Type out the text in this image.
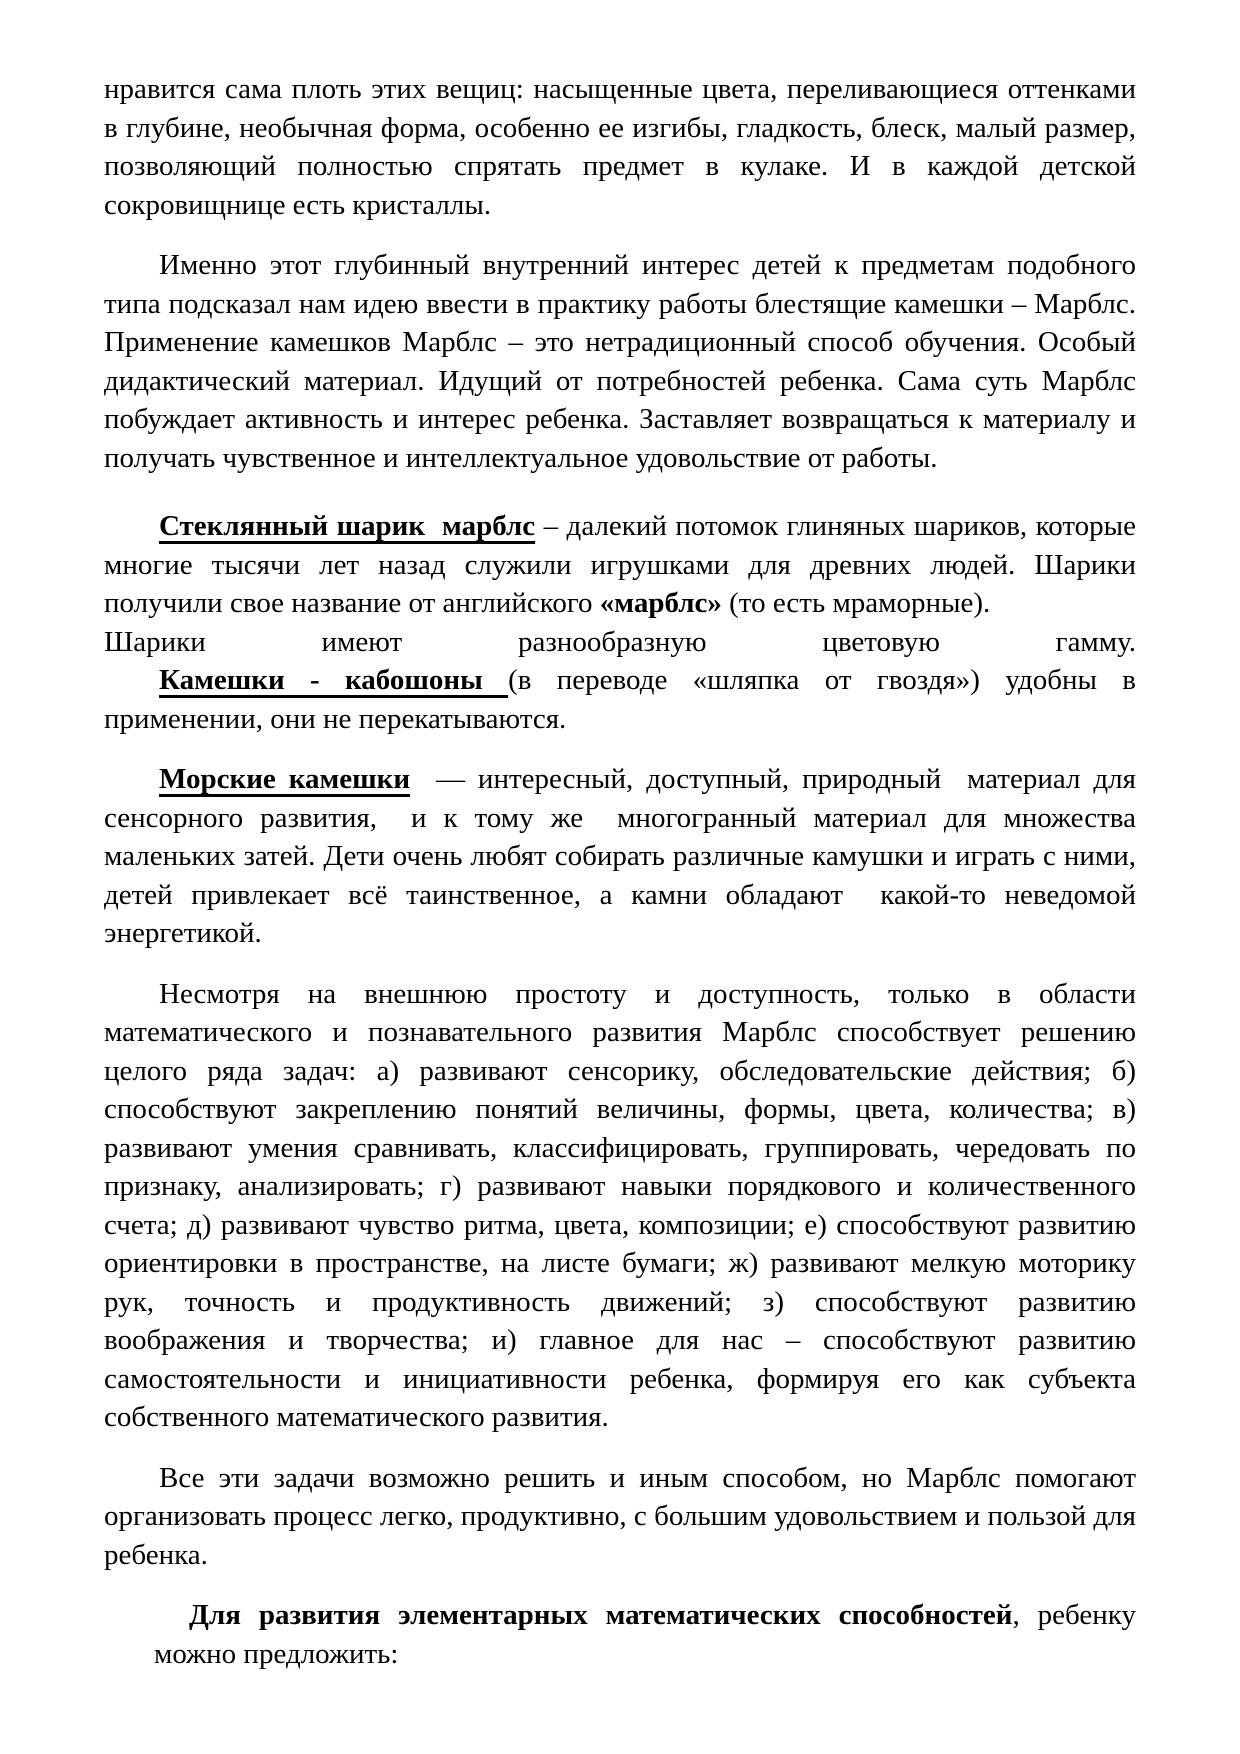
нравится сама плоть этих вещиц: насыщенные цвета, переливающиеся оттенками в глубине, необычная форма, особенно ее изгибы, гладкость, блеск, малый размер, позволяющий полностью спрятать предмет в кулаке. И в каждой детской сокровищнице есть кристаллы.

Именно этот глубинный внутренний интерес детей к предметам подобного типа подсказал нам идею ввести в практику работы блестящие камешки – Марблс. Применение камешков Марблс – это нетрадиционный способ обучения. Особый дидактический материал. Идущий от потребностей ребенка. Сама суть Марблс побуждает активность и интерес ребенка. Заставляет возвращаться к материалу и получать чувственное и интеллектуальное удовольствие от работы.

Стеклянный шарик  марблс – далекий потомок глиняных шариков, которые многие тысячи лет назад служили игрушками для древних людей. Шарики получили свое название от английского «марблс» (то есть мраморные).

Шарики имеют разнообразную цветовую гамму.

Камешки - кабошоны (в переводе «шляпка от гвоздя») удобны в применении, они не перекатываются.

Морские камешки  — интересный, доступный, природный  материал для сенсорного развития,  и к тому же  многогранный материал для множества маленьких затей. Дети очень любят собирать различные камушки и играть с ними, детей привлекает всё таинственное, а камни обладают  какой-то неведомой энергетикой.

Несмотря на внешнюю простоту и доступность, только в области математического и познавательного развития Марблс способствует решению целого ряда задач: а) развивают сенсорику, обследовательские действия; б) способствуют закреплению понятий величины, формы, цвета, количества; в) развивают умения сравнивать, классифицировать, группировать, чередовать по признаку, анализировать; г) развивают навыки порядкового и количественного счета; д) развивают чувство ритма, цвета, композиции; е) способствуют развитию ориентировки в пространстве, на листе бумаги; ж) развивают мелкую моторику рук, точность и продуктивность движений; з) способствуют развитию воображения и творчества; и) главное для нас – способствуют развитию самостоятельности и инициативности ребенка, формируя его как субъекта собственного математического развития.

Все эти задачи возможно решить и иным способом, но Марблс помогают организовать процесс легко, продуктивно, с большим удовольствием и пользой для ребенка.

Для развития элементарных математических способностей, ребенку можно предложить:
